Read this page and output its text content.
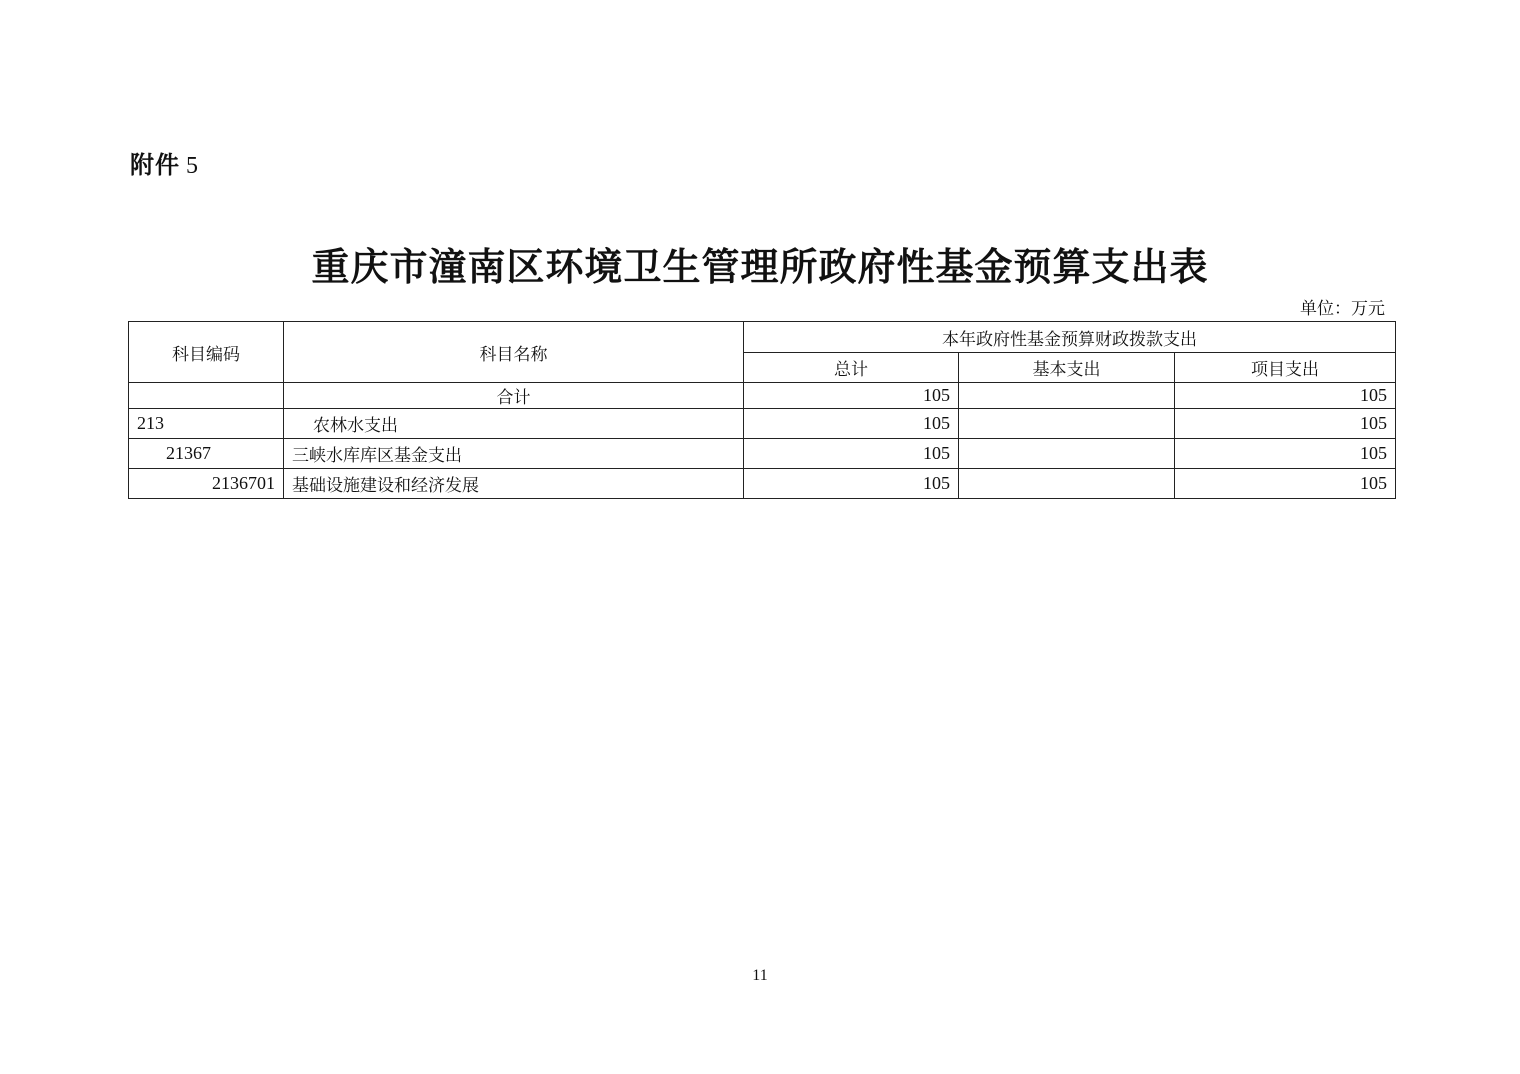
附件 5
重庆市潼南区环境卫生管理所政府性基金预算支出表
单位：万元
科目编码	科目名称	本年政府性基金预算财政拨款支出		
		总计	基本支出	项目支出
	合计	105		105
213	农林水支出	105		105
21367	三峡水库库区基金支出	105		105
2136701	基础设施建设和经济发展	105		105
11
